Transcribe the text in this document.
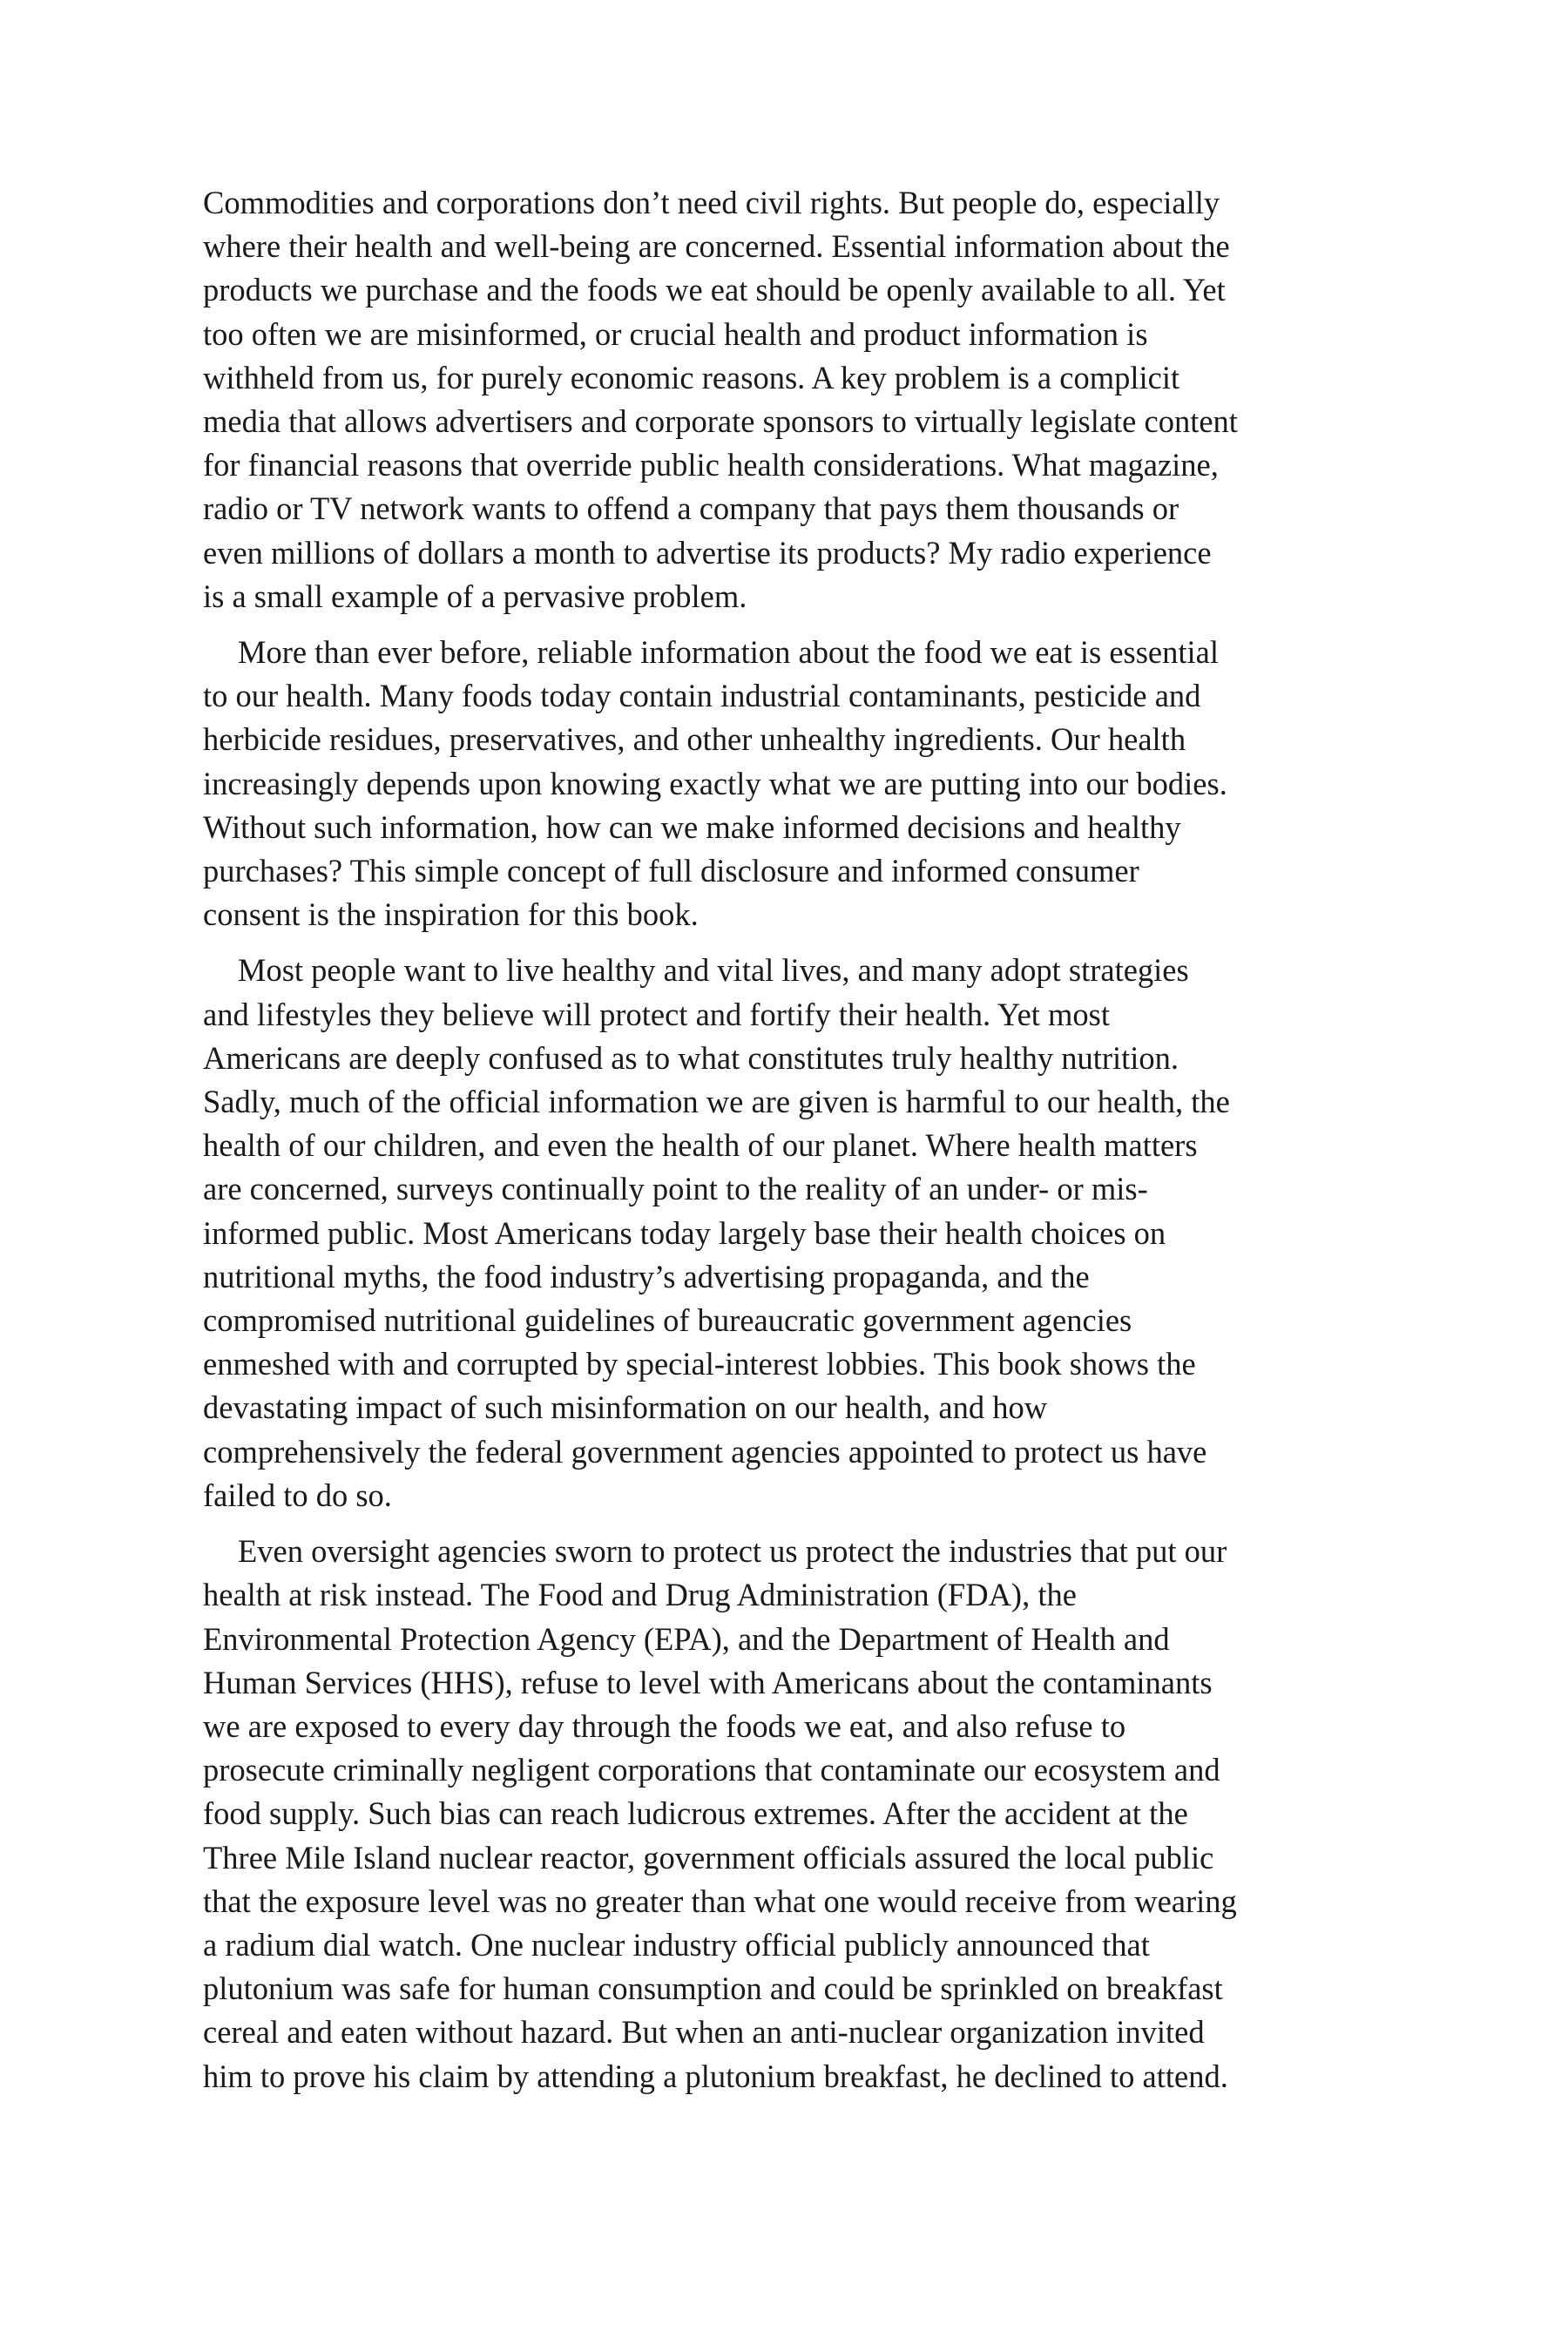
Commodities and corporations don’t need civil rights. But people do, especially
where their health and well-being are concerned. Essential information about the
products we purchase and the foods we eat should be openly available to all. Yet
too often we are misinformed, or crucial health and product information is
withheld from us, for purely economic reasons. A key problem is a complicit
media that allows advertisers and corporate sponsors to virtually legislate content
for financial reasons that override public health considerations. What magazine,
radio or TV network wants to offend a company that pays them thousands or
even millions of dollars a month to advertise its products? My radio experience
is a small example of a pervasive problem.

More than ever before, reliable information about the food we eat is essential
to our health. Many foods today contain industrial contaminants, pesticide and
herbicide residues, preservatives, and other unhealthy ingredients. Our health
increasingly depends upon knowing exactly what we are putting into our bodies.
Without such information, how can we make informed decisions and healthy
purchases? This simple concept of full disclosure and informed consumer
consent is the inspiration for this book.

Most people want to live healthy and vital lives, and many adopt strategies
and lifestyles they believe will protect and fortify their health. Yet most
Americans are deeply confused as to what constitutes truly healthy nutrition.
Sadly, much of the official information we are given is harmful to our health, the
health of our children, and even the health of our planet. Where health matters
are concerned, surveys continually point to the reality of an under- or mis-
informed public. Most Americans today largely base their health choices on
nutritional myths, the food industry’s advertising propaganda, and the
compromised nutritional guidelines of bureaucratic government agencies
enmeshed with and corrupted by special-interest lobbies. This book shows the
devastating impact of such misinformation on our health, and how
comprehensively the federal government agencies appointed to protect us have
failed to do so.

Even oversight agencies sworn to protect us protect the industries that put our
health at risk instead. The Food and Drug Administration (FDA), the
Environmental Protection Agency (EPA), and the Department of Health and
Human Services (HHS), refuse to level with Americans about the contaminants
we are exposed to every day through the foods we eat, and also refuse to
prosecute criminally negligent corporations that contaminate our ecosystem and
food supply. Such bias can reach ludicrous extremes. After the accident at the
Three Mile Island nuclear reactor, government officials assured the local public
that the exposure level was no greater than what one would receive from wearing
a radium dial watch. One nuclear industry official publicly announced that
plutonium was safe for human consumption and could be sprinkled on breakfast
cereal and eaten without hazard. But when an anti-nuclear organization invited
him to prove his claim by attending a plutonium breakfast, he declined to attend.
